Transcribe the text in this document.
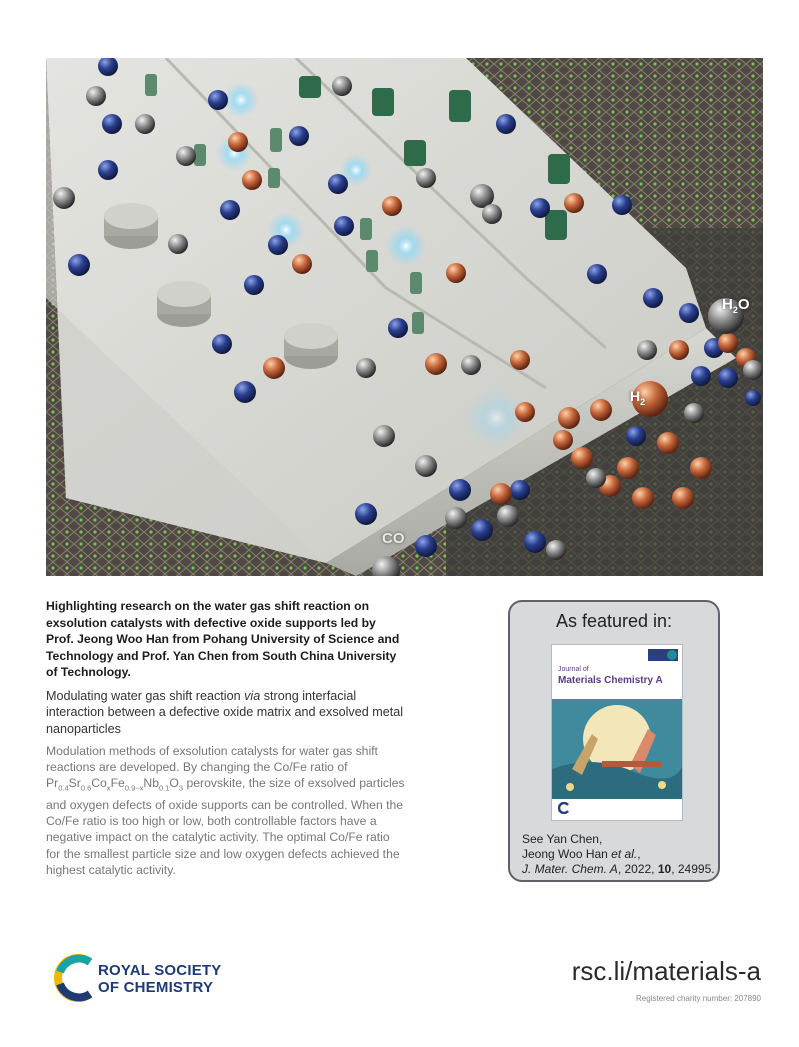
CO
$H_2O$
$H_2$

Highlighting research on the water gas shift reaction on exsolution catalysts with defective oxide supports led by Prof. Jeong Woo Han from Pohang University of Science and Technology and Prof. Yan Chen from South China University of Technology.

Modulating water gas shift reaction via strong interfacial interaction between a defective oxide matrix and exsolved metal nanoparticles

Modulation methods of exsolution catalysts for water gas shift reactions are developed. By changing the Co/Fe ratio of $Pr_{0.4}Sr_{0.6}Co_xFe_{0.9-x}Nb_{0.1}O_3$ perovskite, the size of exsolved particles and oxygen defects of oxide supports can be controlled. When the Co/Fe ratio is too high or low, both controllable factors have a negative impact on the catalytic activity. The optimal Co/Fe ratio for the smallest particle size and low oxygen defects achieved the highest catalytic activity.

As featured in:
Journal of
Materials Chemistry A
See Yan Chen,
Jeong Woo Han et al.,
J. Mater. Chem. A, 2022, 10, 24995.
ROYAL SOCIETY
OF CHEMISTRY
rsc.li/materials-a
Registered charity number: 207890
